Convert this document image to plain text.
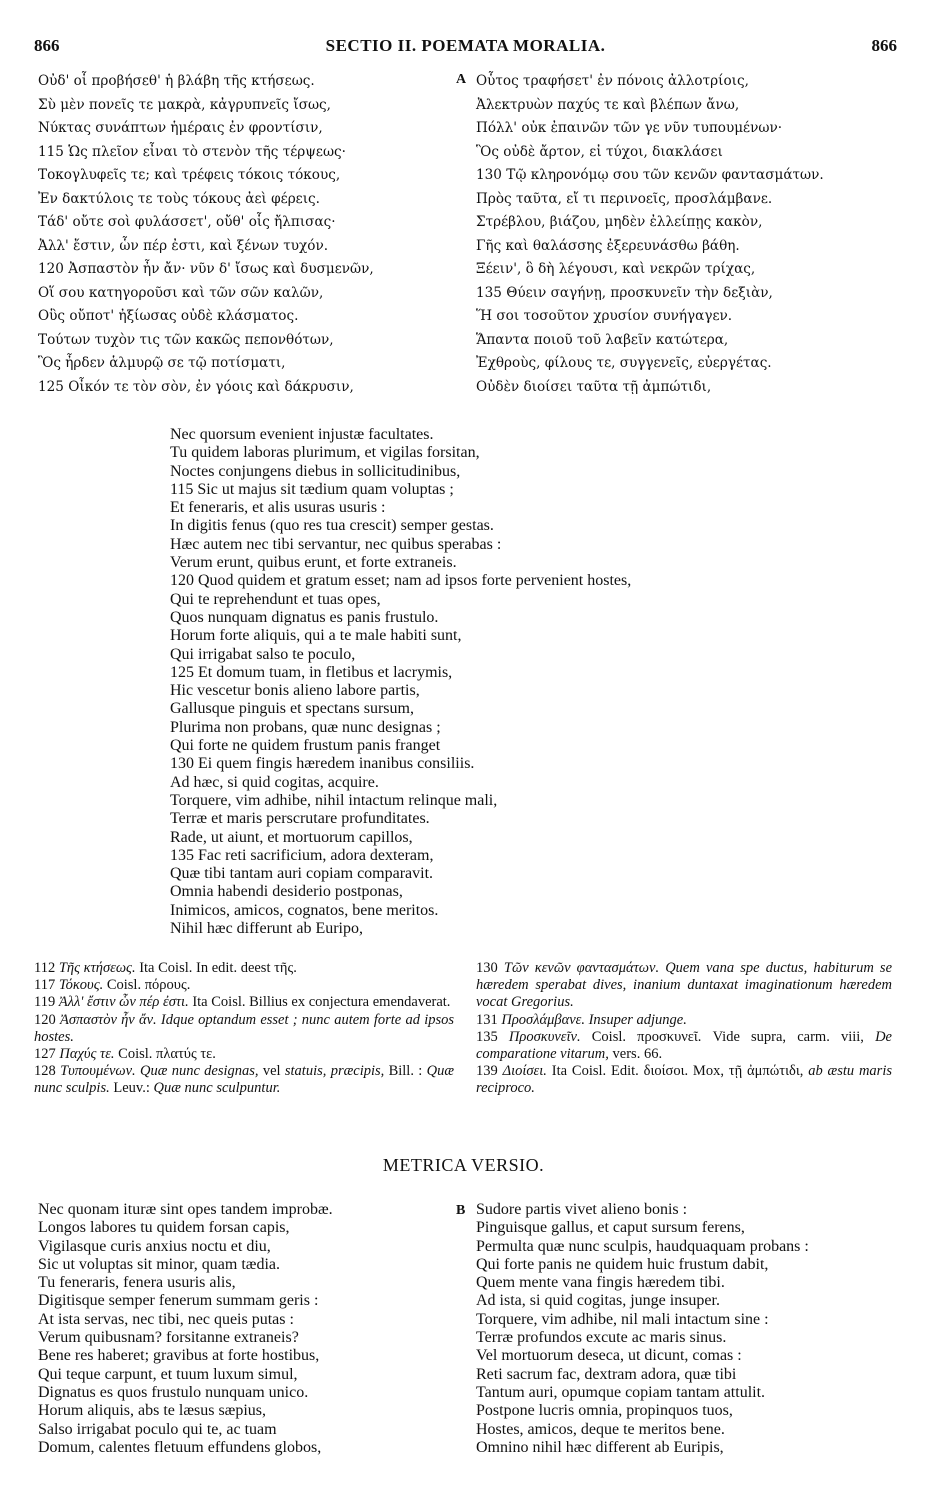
866	SECTIO II. POEMATA MORALIA.	866
Οὐδ' οἷ προβήσεθ' ἡ βλάβη τῆς κτήσεως.
Σὺ μὲν πονεῖς τε μακρὰ, κἀγρυπνεῖς ἴσως,
Νύκτας συνάπτων ἡμέραις ἐν φροντίσιν,
115 Ὡς πλεῖον εἶναι τὸ στενὸν τῆς τέρψεως·
Τοκογλυφεῖς τε; καὶ τρέφεις τόκοις τόκους,
Ἐν δακτύλοις τε τοὺς τόκους ἀεὶ φέρεις.
Τάδ' οὔτε σοὶ φυλάσσετ', οὔθ' οἷς ἤλπισας·
Ἀλλ' ἔστιν, ὧν πέρ ἐστι, καὶ ξένων τυχόν.
120 Ἀσπαστὸν ἦν ἄν· νῦν δ' ἴσως καὶ δυσμενῶν,
Οἵ σου κατηγοροῦσι καὶ τῶν σῶν καλῶν,
Οὓς οὔποτ' ἠξίωσας οὐδὲ κλάσματος.
Τούτων τυχὸν τις τῶν κακῶς πεπονθότων,
Ὃς ἦρδεν ἁλμυρῷ σε τῷ ποτίσματι,
125 Οἶκόν τε τὸν σὸν, ἐν γόοις καὶ δάκρυσιν,
A Οὗτος τραφήσετ' ἐν πόνοις ἀλλοτρίοις,
Ἀλεκτρυὼν παχύς τε καὶ βλέπων ἄνω,
Πόλλ' οὐκ ἐπαινῶν τῶν γε νῦν τυπουμένων·
Ὃς οὐδὲ ἄρτον, εἰ τύχοι, διακλάσει
130 Τῷ κληρονόμῳ σου τῶν κενῶν φαντασμάτων.
Πρὸς ταῦτα, εἴ τι περινοεῖς, προσλάμβανε.
Στρέβλου, βιάζου, μηδὲν ἐλλείπῃς κακὸν,
Γῆς καὶ θαλάσσης ἐξερευνάσθω βάθη.
Ξέειν', ὃ δὴ λέγουσι, καὶ νεκρῶν τρίχας,
135 Θύειν σαγήνῃ, προσκυνεῖν τὴν δεξιὰν,
Ἥ σοι τοσοῦτον χρυσίον συνήγαγεν.
Ἅπαντα ποιοῦ τοῦ λαβεῖν κατώτερα,
Ἐχθροὺς, φίλους τε, συγγενεῖς, εὐεργέτας.
Οὐδὲν διοίσει ταῦτα τῇ ἀμπώτιδι,
Nec quorsum evenient injustæ facultates.
Tu quidem laboras plurimum, et vigilas forsitan,
Noctes conjungens diebus in sollicitudinibus,
115 Sic ut majus sit tædium quam voluptas ;
Et feneraris, et alis usuras usuris :
In digitis fenus (quo res tua crescit) semper gestas.
Hæc autem nec tibi servantur, nec quibus sperabas :
Verum erunt, quibus erunt, et forte extraneis.
120 Quod quidem et gratum esset; nam ad ipsos forte pervenient hostes,
Qui te reprehendunt et tuas opes,
Quos nunquam dignatus es panis frustulo.
Horum forte aliquis, qui a te male habiti sunt,
Qui irrigabat salso te poculo,
125 Et domum tuam, in fletibus et lacrymis,
Hic vescetur bonis alieno labore partis,
Gallusque pinguis et spectans sursum,
Plurima non probans, quæ nunc designas ;
Qui forte ne quidem frustum panis franget
130 Ei quem fingis hæredem inanibus consiliis.
Ad hæc, si quid cogitas, acquire.
Torquere, vim adhibe, nihil intactum relinque mali,
Terræ et maris perscrutare profunditates.
Rade, ut aiunt, et mortuorum capillos,
135 Fac reti sacrificium, adora dexteram,
Quæ tibi tantam auri copiam comparavit.
Omnia habendi desiderio postponas,
Inimicos, amicos, cognatos, bene meritos.
Nihil hæc differunt ab Euripo,
112 Τῆς κτήσεως. Ita Coisl. In edit. deest τῆς.
117 Τόκους. Coisl. πόρους.
119 Ἀλλ' ἔστιν ὧν πέρ ἐστι. Ita Coisl. Billius ex conjectura emendaverat.
120 Ἀσπαστὸν ἦν ἄν. Idque optandum esset ; nunc autem forte ad ipsos hostes.
127 Παχύς τε. Coisl. πλατύς τε.
128 Τυπουμένων. Quæ nunc designas, vel statuis, præcipis, Bill. : Quæ nunc sculpis. Leuv.: Quæ nunc sculpuntur.
130 Τῶν κενῶν φαντασμάτων. Quem vana spe ductus, habiturum se hæredem sperabat dives, inanium duntaxat imaginationum hæredem vocat Gregorius.
131 Προσλάμβανε. Insuper adjunge.
135 Προσκυνεῖν. Coisl. προσκυνεῖ. Vide supra, carm. viii, De comparatione vitarum, vers. 66.
139 Διοίσει. Ita Coisl. Edit. διοίσοι. Mox, τῇ ἀμπώτιδι, ab æstu maris reciproco.
METRICA VERSIO.
Nec quonam ituræ sint opes tandem improbæ.
Longos labores tu quidem forsan capis,
Vigilasque curis anxius noctu et diu,
Sic ut voluptas sit minor, quam tædia.
Tu feneraris, fenera usuris alis,
Digitisque semper fenerum summam geris :
At ista servas, nec tibi, nec queis putas :
Verum quibusnam? forsitanne extraneis?
Bene res haberet; gravibus at forte hostibus,
Qui teque carpunt, et tuum luxum simul,
Dignatus es quos frustulo nunquam unico.
Horum aliquis, abs te læsus sæpius,
Salso irrigabat poculo qui te, ac tuam
Domum, calentes fletuum effundens globos,
B Sudore partis vivet alieno bonis :
Pinguisque gallus, et caput sursum ferens,
Permulta quæ nunc sculpis, haudquaquam probans :
Qui forte panis ne quidem huic frustum dabit,
Quem mente vana fingis hæredem tibi.
Ad ista, si quid cogitas, junge insuper.
Torquere, vim adhibe, nil mali intactum sine :
Terræ profundos excute ac maris sinus.
Vel mortuorum deseca, ut dicunt, comas :
Reti sacrum fac, dextram adora, quæ tibi
Tantum auri, opumque copiam tantam attulit.
Postpone lucris omnia, propinquos tuos,
Hostes, amicos, deque te meritos bene.
Omnino nihil hæc different ab Euripis,
